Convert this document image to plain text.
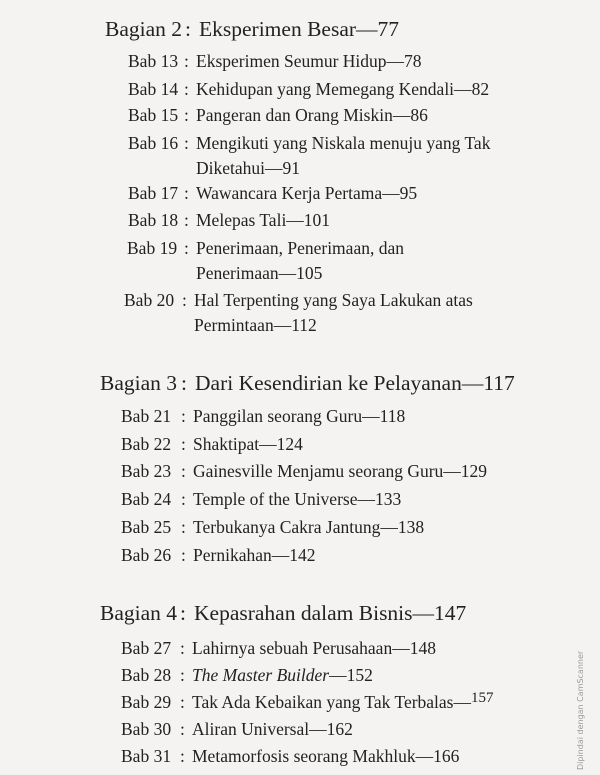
Bagian 2 : Eksperimen Besar—77
Bab 13 : Eksperimen Seumur Hidup—78
Bab 14 : Kehidupan yang Memegang Kendali—82
Bab 15 : Pangeran dan Orang Miskin—86
Bab 16 : Mengikuti yang Niskala menuju yang Tak
Diketahui—91
Bab 17 : Wawancara Kerja Pertama—95
Bab 18 : Melepas Tali—101
Bab 19 : Penerimaan, Penerimaan, dan
Penerimaan—105
Bab 20 : Hal Terpenting yang Saya Lakukan atas
Permintaan—112
Bagian 3 : Dari Kesendirian ke Pelayanan—117
Bab 21 : Panggilan seorang Guru—118
Bab 22 : Shaktipat—124
Bab 23 : Gainesville Menjamu seorang Guru—129
Bab 24 : Temple of the Universe—133
Bab 25 : Terbukanya Cakra Jantung—138
Bab 26 : Pernikahan—142
Bagian 4 : Kepasrahan dalam Bisnis—147
Bab 27 : Lahirnya sebuah Perusahaan—148
Bab 28 : The Master Builder—152
Bab 29 : Tak Ada Kebaikan yang Tak Terbalas—157
Bab 30 : Aliran Universal—162
Bab 31 : Metamorfosis seorang Makhluk—166	Dipindai dengan CamScanner
